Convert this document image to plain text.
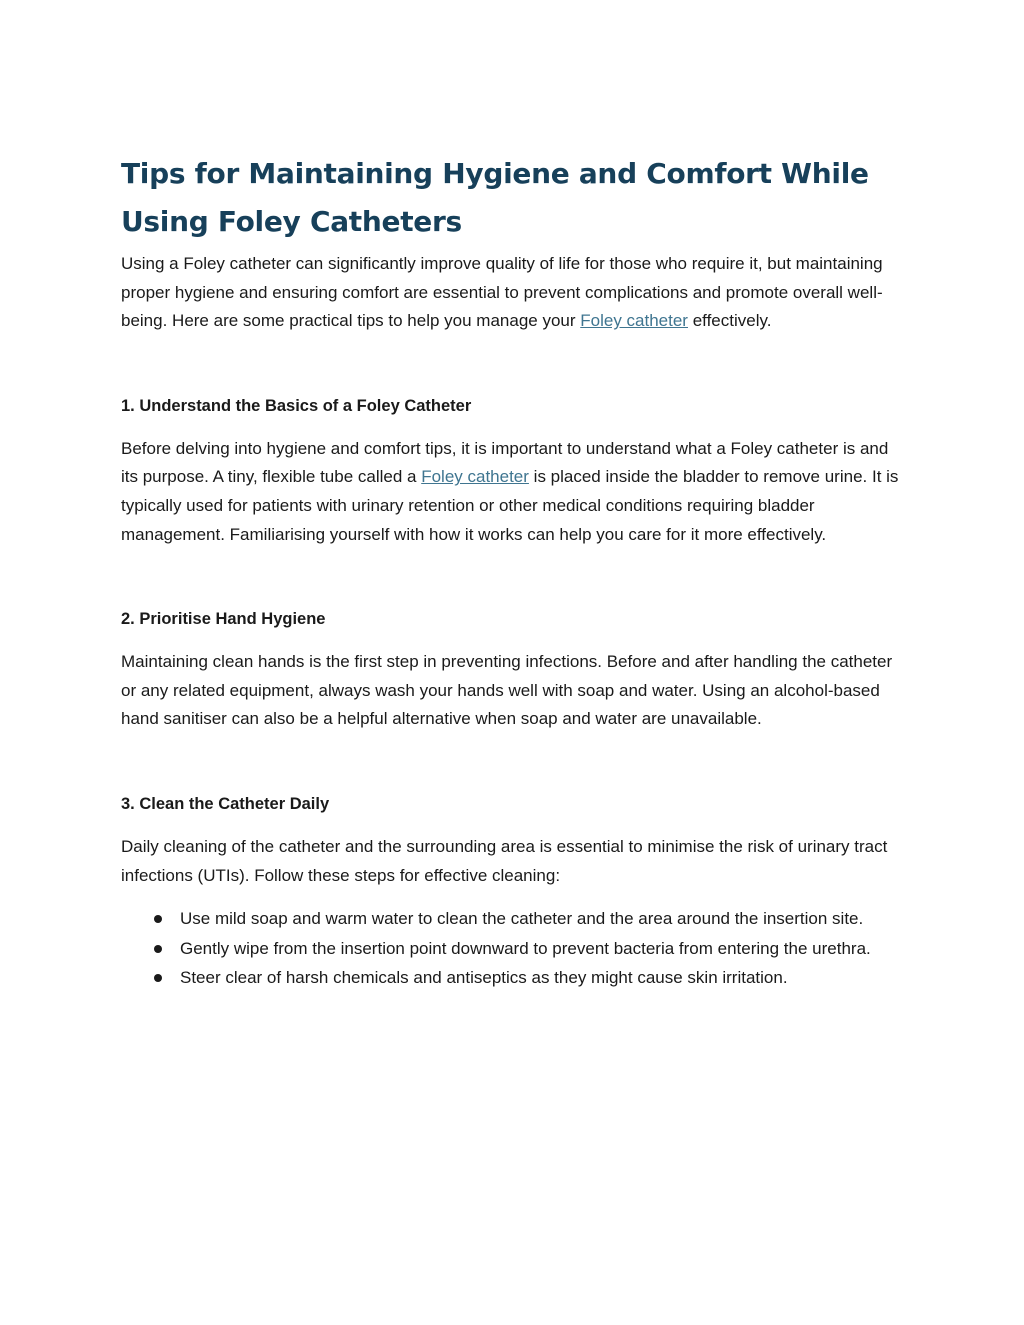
Tips for Maintaining Hygiene and Comfort While Using Foley Catheters

Using a Foley catheter can significantly improve quality of life for those who require it, but maintaining proper hygiene and ensuring comfort are essential to prevent complications and promote overall well-being. Here are some practical tips to help you manage your Foley catheter effectively.

1. Understand the Basics of a Foley Catheter

Before delving into hygiene and comfort tips, it is important to understand what a Foley catheter is and its purpose. A tiny, flexible tube called a Foley catheter is placed inside the bladder to remove urine. It is typically used for patients with urinary retention or other medical conditions requiring bladder management. Familiarising yourself with how it works can help you care for it more effectively.

2. Prioritise Hand Hygiene

Maintaining clean hands is the first step in preventing infections. Before and after handling the catheter or any related equipment, always wash your hands well with soap and water. Using an alcohol-based hand sanitiser can also be a helpful alternative when soap and water are unavailable.

3. Clean the Catheter Daily

Daily cleaning of the catheter and the surrounding area is essential to minimise the risk of urinary tract infections (UTIs). Follow these steps for effective cleaning:

Use mild soap and warm water to clean the catheter and the area around the insertion site.
Gently wipe from the insertion point downward to prevent bacteria from entering the urethra.
Steer clear of harsh chemicals and antiseptics as they might cause skin irritation.
